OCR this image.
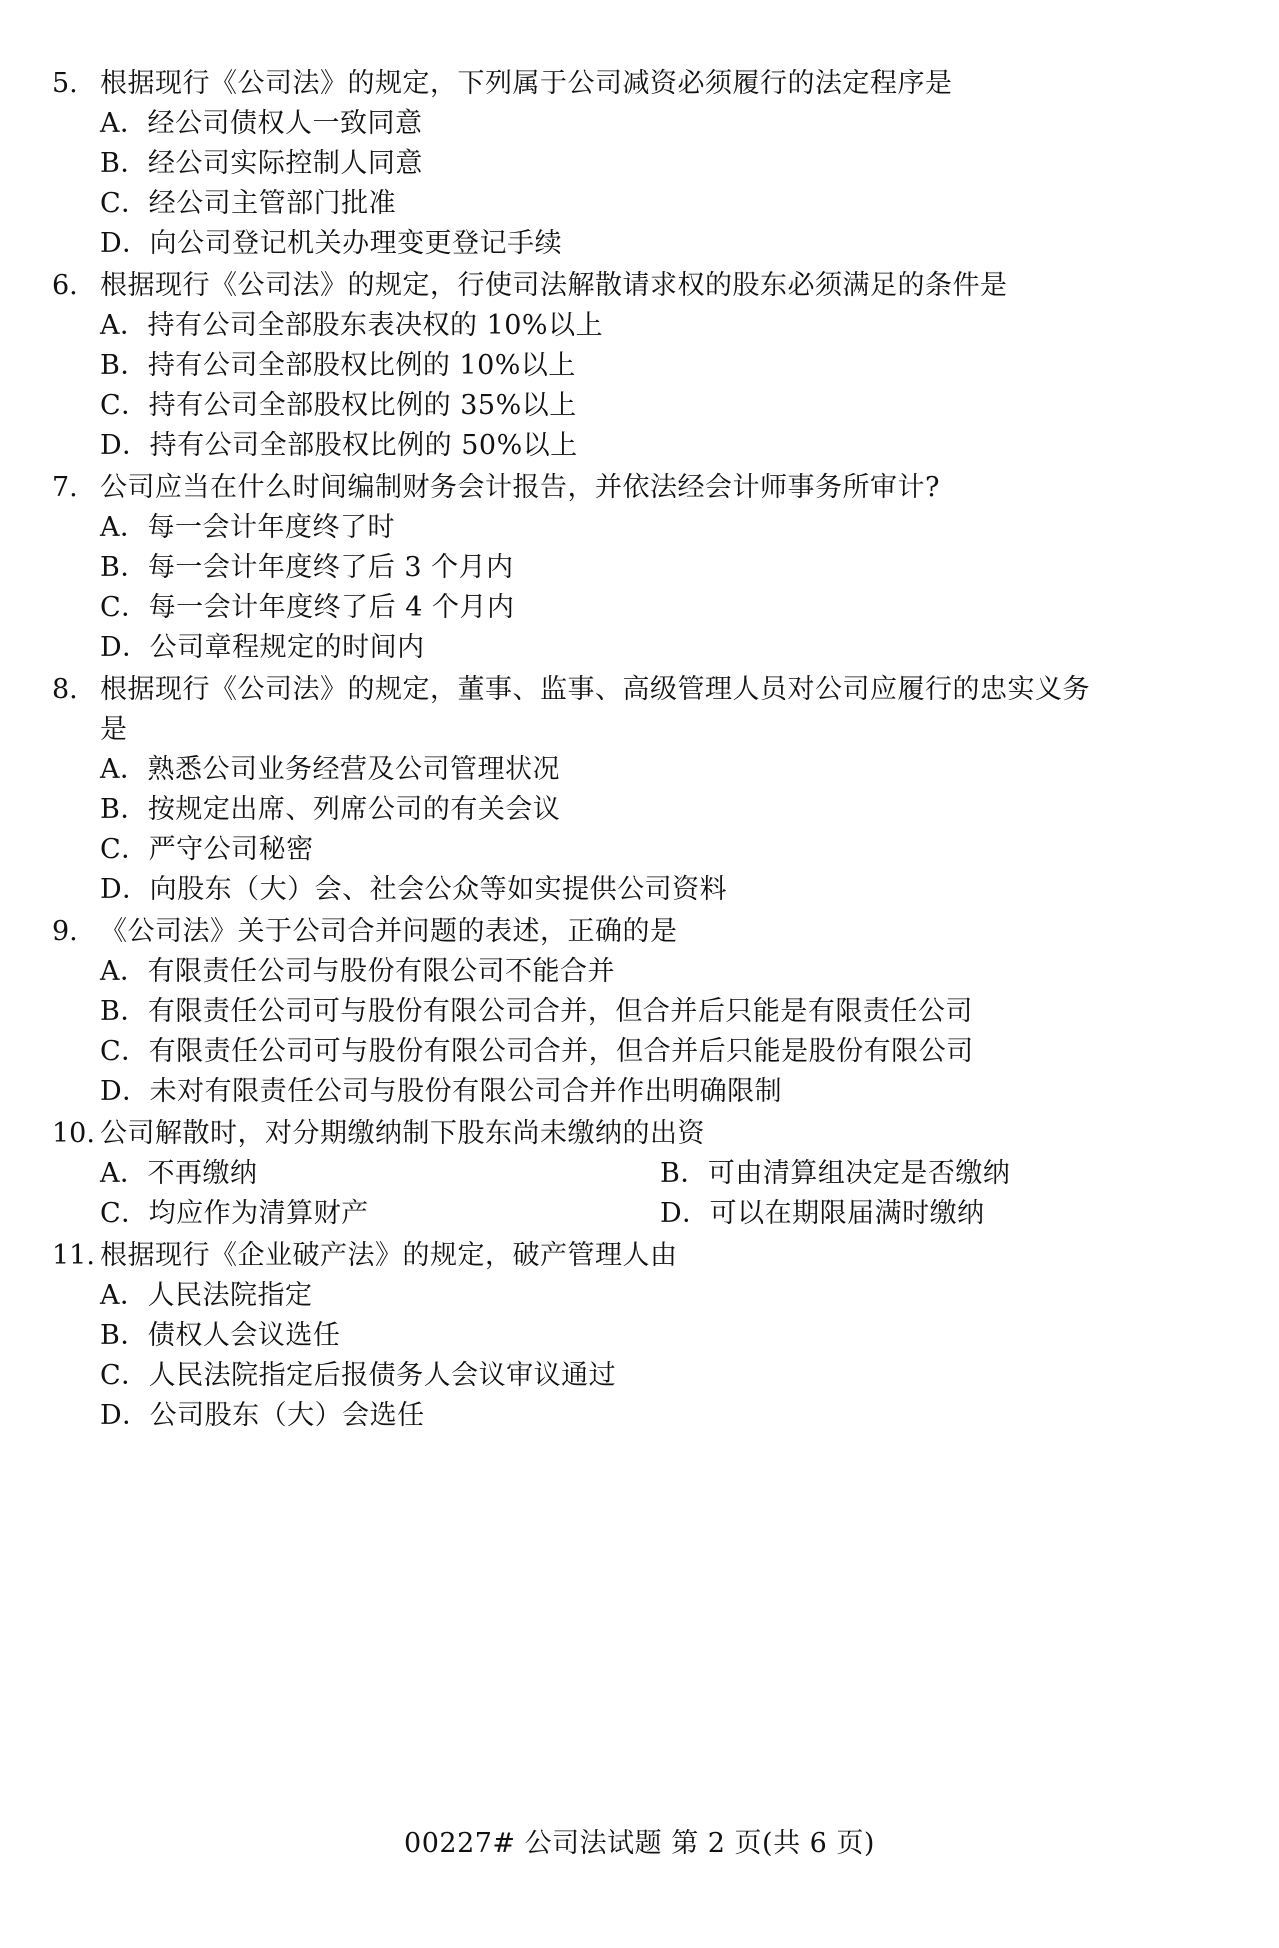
5. 根据现行《公司法》的规定，下列属于公司减资必须履行的法定程序是
A．经公司债权人一致同意
B．经公司实际控制人同意
C．经公司主管部门批准
D．向公司登记机关办理变更登记手续
6. 根据现行《公司法》的规定，行使司法解散请求权的股东必须满足的条件是
A．持有公司全部股东表决权的 10%以上
B．持有公司全部股权比例的 10%以上
C．持有公司全部股权比例的 35%以上
D．持有公司全部股权比例的 50%以上
7. 公司应当在什么时间编制财务会计报告，并依法经会计师事务所审计?
A．每一会计年度终了时
B．每一会计年度终了后 3 个月内
C．每一会计年度终了后 4 个月内
D．公司章程规定的时间内
8. 根据现行《公司法》的规定，董事、监事、高级管理人员对公司应履行的忠实义务
是
A．熟悉公司业务经营及公司管理状况
B．按规定出席、列席公司的有关会议
C．严守公司秘密
D．向股东（大）会、社会公众等如实提供公司资料
9. 《公司法》关于公司合并问题的表述，正确的是
A．有限责任公司与股份有限公司不能合并
B．有限责任公司可与股份有限公司合并，但合并后只能是有限责任公司
C．有限责任公司可与股份有限公司合并，但合并后只能是股份有限公司
D．未对有限责任公司与股份有限公司合并作出明确限制
10. 公司解散时，对分期缴纳制下股东尚未缴纳的出资
A．不再缴纳	B．可由清算组决定是否缴纳
C．均应作为清算财产	D．可以在期限届满时缴纳
11. 根据现行《企业破产法》的规定，破产管理人由
A．人民法院指定
B．债权人会议选任
C．人民法院指定后报债务人会议审议通过
D．公司股东（大）会选任
00227# 公司法试题 第 2 页(共 6 页)
